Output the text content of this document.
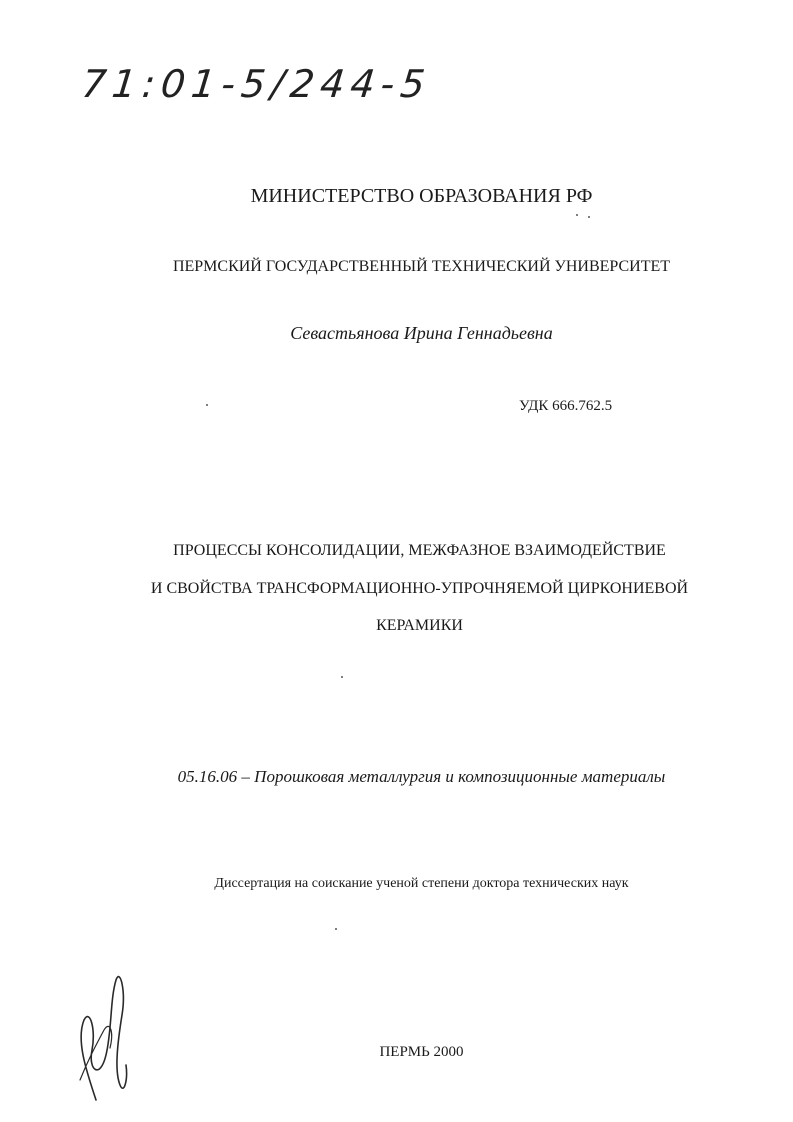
71:01-5/244-5
МИНИСТЕРСТВО ОБРАЗОВАНИЯ РФ
ПЕРМСКИЙ ГОСУДАРСТВЕННЫЙ ТЕХНИЧЕСКИЙ УНИВЕРСИТЕТ
Севастьянова Ирина Геннадьевна
УДК 666.762.5
ПРОЦЕССЫ КОНСОЛИДАЦИИ, МЕЖФАЗНОЕ ВЗАИМОДЕЙСТВИЕ
И СВОЙСТВА ТРАНСФОРМАЦИОННО-УПРОЧНЯЕМОЙ ЦИРКОНИЕВОЙ
КЕРАМИКИ
05.16.06 – Порошковая металлургия и композиционные материалы
Диссертация на соискание ученой степени доктора технических наук
ПЕРМЬ 2000
